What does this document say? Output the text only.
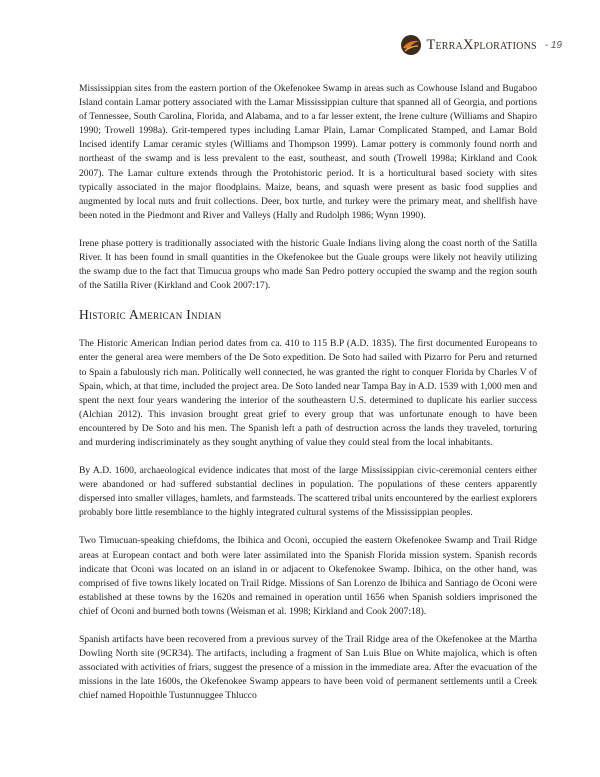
TerraXplorations - 19

Mississippian sites from the eastern portion of the Okefenokee Swamp in areas such as Cowhouse Island and Bugaboo Island contain Lamar pottery associated with the Lamar Mississippian culture that spanned all of Georgia, and portions of Tennessee, South Carolina, Florida, and Alabama, and to a far lesser extent, the Irene culture (Williams and Shapiro 1990; Trowell 1998a). Grit-tempered types including Lamar Plain, Lamar Complicated Stamped, and Lamar Bold Incised identify Lamar ceramic styles (Williams and Thompson 1999). Lamar pottery is commonly found north and northeast of the swamp and is less prevalent to the east, southeast, and south (Trowell 1998a; Kirkland and Cook 2007). The Lamar culture extends through the Protohistoric period. It is a horticultural based society with sites typically associated in the major floodplains. Maize, beans, and squash were present as basic food supplies and augmented by local nuts and fruit collections. Deer, box turtle, and turkey were the primary meat, and shellfish have been noted in the Piedmont and River and Valleys (Hally and Rudolph 1986; Wynn 1990).

Irene phase pottery is traditionally associated with the historic Guale Indians living along the coast north of the Satilla River. It has been found in small quantities in the Okefenokee but the Guale groups were likely not heavily utilizing the swamp due to the fact that Timucua groups who made San Pedro pottery occupied the swamp and the region south of the Satilla River (Kirkland and Cook 2007:17).

Historic American Indian

The Historic American Indian period dates from ca. 410 to 115 B.P (A.D. 1835). The first documented Europeans to enter the general area were members of the De Soto expedition. De Soto had sailed with Pizarro for Peru and returned to Spain a fabulously rich man. Politically well connected, he was granted the right to conquer Florida by Charles V of Spain, which, at that time, included the project area. De Soto landed near Tampa Bay in A.D. 1539 with 1,000 men and spent the next four years wandering the interior of the southeastern U.S. determined to duplicate his earlier success (Alchian 2012). This invasion brought great grief to every group that was unfortunate enough to have been encountered by De Soto and his men. The Spanish left a path of destruction across the lands they traveled, torturing and murdering indiscriminately as they sought anything of value they could steal from the local inhabitants.

By A.D. 1600, archaeological evidence indicates that most of the large Mississippian civic-ceremonial centers either were abandoned or had suffered substantial declines in population. The populations of these centers apparently dispersed into smaller villages, hamlets, and farmsteads. The scattered tribal units encountered by the earliest explorers probably bore little resemblance to the highly integrated cultural systems of the Mississippian peoples.

Two Timucuan-speaking chiefdoms, the Ibihica and Oconi, occupied the eastern Okefenokee Swamp and Trail Ridge areas at European contact and both were later assimilated into the Spanish Florida mission system. Spanish records indicate that Oconi was located on an island in or adjacent to Okefenokee Swamp. Ibihica, on the other hand, was comprised of five towns likely located on Trail Ridge. Missions of San Lorenzo de Ibihica and Santiago de Oconi were established at these towns by the 1620s and remained in operation until 1656 when Spanish soldiers imprisoned the chief of Oconi and burned both towns (Weisman et al. 1998; Kirkland and Cook 2007:18).

Spanish artifacts have been recovered from a previous survey of the Trail Ridge area of the Okefenokee at the Martha Dowling North site (9CR34). The artifacts, including a fragment of San Luis Blue on White majolica, which is often associated with activities of friars, suggest the presence of a mission in the immediate area. After the evacuation of the missions in the late 1600s, the Okefenokee Swamp appears to have been void of permanent settlements until a Creek chief named Hopoithle Tustunnuggee Thlucco
